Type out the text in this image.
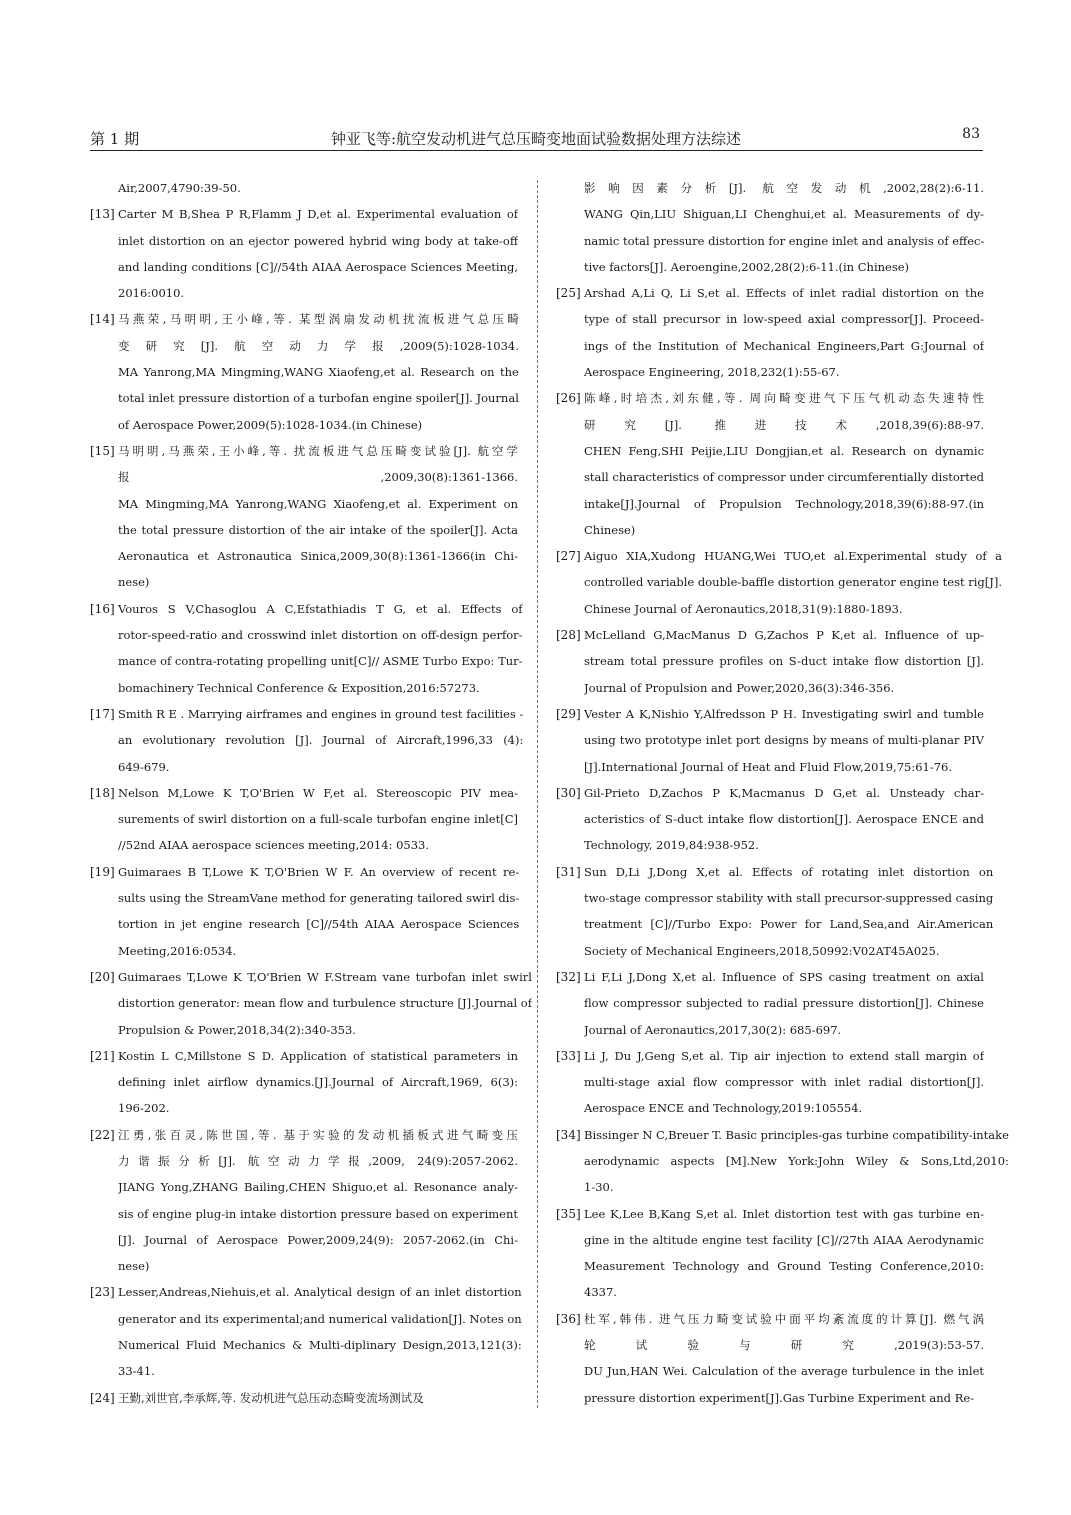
第 1 期	钟亚飞等:航空发动机进气总压畸变地面试验数据处理方法综述	83
Air,2007,4790:39-50.
[13] Carter M B,Shea P R,Flamm J D,et al. Experimental evaluation of
inlet distortion on an ejector powered hybrid wing body at take-off
and landing conditions [C]//54th AIAA Aerospace Sciences Meeting,
2016:0010.
[14] 马燕荣,马明明,王小峰,等. 某型涡扇发动机扰流板进气总压畸
变研究[J].航空动力学报,2009(5):1028-1034.
MA Yanrong,MA Mingming,WANG Xiaofeng,et al. Research on the
total inlet pressure distortion of a turbofan engine spoiler[J]. Journal
of Aerospace Power,2009(5):1028-1034.(in Chinese)
[15] 马明明,马燕荣,王小峰,等. 扰流板进气总压畸变试验[J]. 航空学
报,2009,30(8):1361-1366.
MA Mingming,MA Yanrong,WANG Xiaofeng,et al. Experiment on
the total pressure distortion of the air intake of the spoiler[J]. Acta
Aeronautica et Astronautica Sinica,2009,30(8):1361-1366(in Chi-
nese)
[16] Vouros S V,Chasoglou A C,Efstathiadis T G, et al. Effects of
rotor-speed-ratio and crosswind inlet distortion on off-design perfor-
mance of contra-rotating propelling unit[C]// ASME Turbo Expo: Tur-
bomachinery Technical Conference & Exposition,2016:57273.
[17] Smith R E . Marrying airframes and engines in ground test facilities -
an evolutionary revolution [J]. Journal of Aircraft,1996,33 (4):
649-679.
[18] Nelson M,Lowe K T,O'Brien W F,et al. Stereoscopic PIV mea-
surements of swirl distortion on a full-scale turbofan engine inlet[C]
//52nd AIAA aerospace sciences meeting,2014: 0533.
[19] Guimaraes B T,Lowe K T,O'Brien W F. An overview of recent re-
sults using the StreamVane method for generating tailored swirl dis-
tortion in jet engine research [C]//54th AIAA Aerospace Sciences
Meeting,2016:0534.
[20] Guimaraes T,Lowe K T,O'Brien W F.Stream vane turbofan inlet swirl
distortion generator: mean flow and turbulence structure [J].Journal of
Propulsion & Power,2018,34(2):340-353.
[21] Kostin L C,Millstone S D. Application of statistical parameters in
defining inlet airflow dynamics.[J].Journal of Aircraft,1969, 6(3):
196-202.
[22] 江勇,张百灵,陈世国,等. 基于实验的发动机插板式进气畸变压
力谐振分析[J]. 航空动力学报,2009, 24(9):2057-2062.
JIANG Yong,ZHANG Bailing,CHEN Shiguo,et al. Resonance analy-
sis of engine plug-in intake distortion pressure based on experiment
[J]. Journal of Aerospace Power,2009,24(9): 2057-2062.(in Chi-
nese)
[23] Lesser,Andreas,Niehuis,et al. Analytical design of an inlet distortion
generator and its experimental;and numerical validation[J]. Notes on
Numerical Fluid Mechanics & Multi-diplinary Design,2013,121(3):
33-41.
[24] 王勤,刘世官,李承辉,等. 发动机进气总压动态畸变流场测试及
影响因素分析[J]. 航空发动机,2002,28(2):6-11.
WANG Qin,LIU Shiguan,LI Chenghui,et al. Measurements of dy-
namic total pressure distortion for engine inlet and analysis of effec-
tive factors[J]. Aeroengine,2002,28(2):6-11.(in Chinese)
[25] Arshad A,Li Q, Li S,et al. Effects of inlet radial distortion on the
type of stall precursor in low-speed axial compressor[J]. Proceed-
ings of the Institution of Mechanical Engineers,Part G:Journal of
Aerospace Engineering, 2018,232(1):55-67.
[26] 陈峰,时培杰,刘东健,等. 周向畸变进气下压气机动态失速特性
研究[J]. 推进技术,2018,39(6):88-97.
CHEN Feng,SHI Peijie,LIU Dongjian,et al. Research on dynamic
stall characteristics of compressor under circumferentially distorted
intake[J].Journal of Propulsion Technology,2018,39(6):88-97.(in
Chinese)
[27] Aiguo XIA,Xudong HUANG,Wei TUO,et al.Experimental study of a
controlled variable double-baffle distortion generator engine test rig[J].
Chinese Journal of Aeronautics,2018,31(9):1880-1893.
[28] McLelland G,MacManus D G,Zachos P K,et al. Influence of up-
stream total pressure profiles on S-duct intake flow distortion [J].
Journal of Propulsion and Power,2020,36(3):346-356.
[29] Vester A K,Nishio Y,Alfredsson P H. Investigating swirl and tumble
using two prototype inlet port designs by means of multi-planar PIV
[J].International Journal of Heat and Fluid Flow,2019,75:61-76.
[30] Gil-Prieto D,Zachos P K,Macmanus D G,et al. Unsteady char-
acteristics of S-duct intake flow distortion[J]. Aerospace ENCE and
Technology, 2019,84:938-952.
[31] Sun D,Li J,Dong X,et al. Effects of rotating inlet distortion on
two-stage compressor stability with stall precursor-suppressed casing
treatment [C]//Turbo Expo: Power for Land,Sea,and Air.American
Society of Mechanical Engineers,2018,50992:V02AT45A025.
[32] Li F,Li J,Dong X,et al. Influence of SPS casing treatment on axial
flow compressor subjected to radial pressure distortion[J]. Chinese
Journal of Aeronautics,2017,30(2): 685-697.
[33] Li J, Du J,Geng S,et al. Tip air injection to extend stall margin of
multi-stage axial flow compressor with inlet radial distortion[J].
Aerospace ENCE and Technology,2019:105554.
[34] Bissinger N C,Breuer T. Basic principles-gas turbine compatibility-intake
aerodynamic aspects [M].New York:John Wiley & Sons,Ltd,2010:
1-30.
[35] Lee K,Lee B,Kang S,et al. Inlet distortion test with gas turbine en-
gine in the altitude engine test facility [C]//27th AIAA Aerodynamic
Measurement Technology and Ground Testing Conference,2010:
4337.
[36] 杜军,韩伟. 进气压力畸变试验中面平均紊流度的计算[J]. 燃气涡
轮试验与研究,2019(3):53-57.
DU Jun,HAN Wei. Calculation of the average turbulence in the inlet
pressure distortion experiment[J].Gas Turbine Experiment and Re-
